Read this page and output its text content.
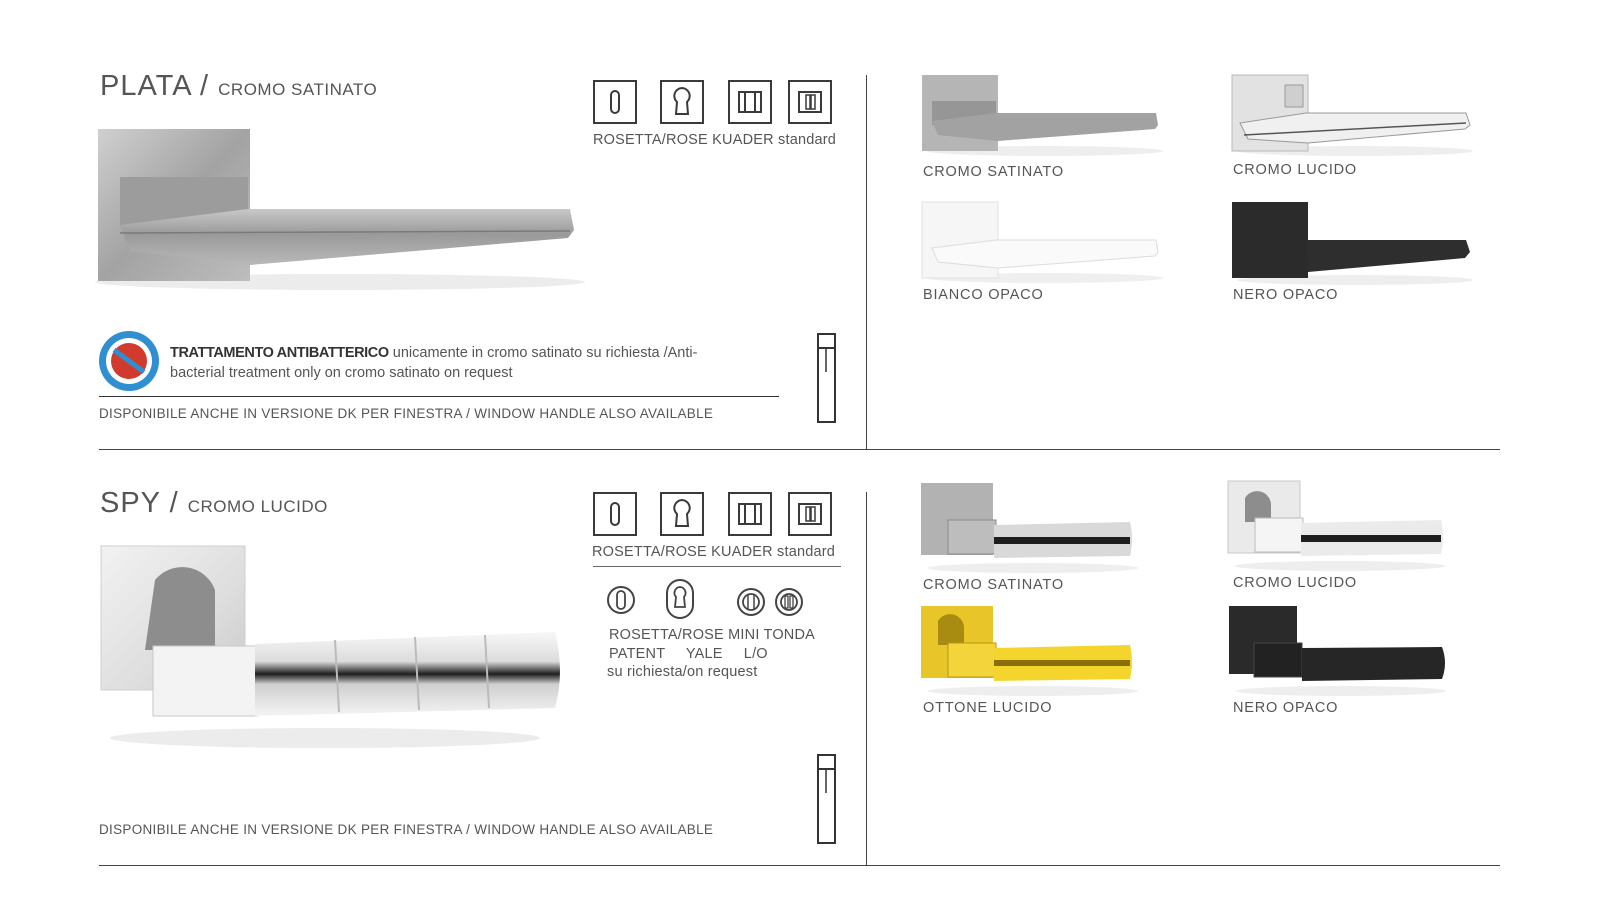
PLATA / CROMO SATINATO
ROSETTA/ROSE KUADER standard
TRATTAMENTO ANTIBATTERICO unicamente in cromo satinato su richiesta /Anti-
bacterial treatment only on cromo satinato on request
DISPONIBILE ANCHE IN VERSIONE DK PER FINESTRA / WINDOW HANDLE ALSO AVAILABLE
CROMO SATINATO	CROMO LUCIDO
BIANCO OPACO	NERO OPACO
SPY / CROMO LUCIDO
ROSETTA/ROSE KUADER standard
ROSETTA/ROSE MINI TONDA
PATENT     YALE     L/O
su richiesta/on request
DISPONIBILE ANCHE IN VERSIONE DK PER FINESTRA / WINDOW HANDLE ALSO AVAILABLE
CROMO SATINATO	CROMO LUCIDO
OTTONE LUCIDO	NERO OPACO
